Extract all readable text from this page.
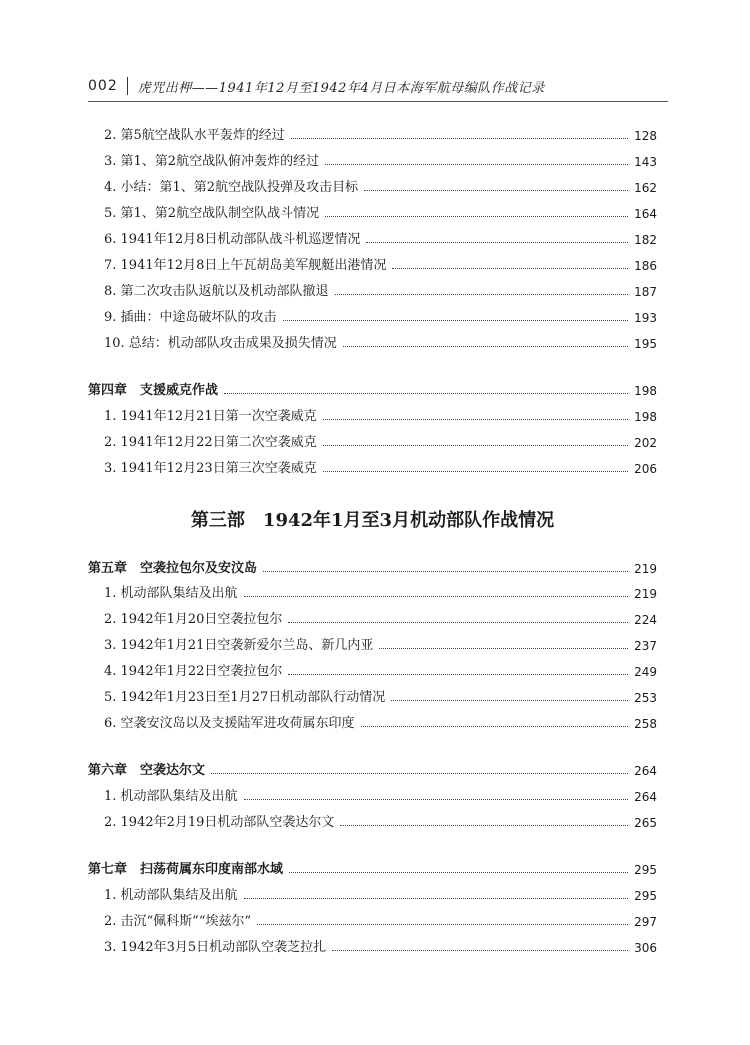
002 虎咒出柙——1941年12月至1942年4月日本海军航母编队作战记录
2. 第5航空战队水平轰炸的经过	128
3. 第1、第2航空战队俯冲轰炸的经过	143
4. 小结：第1、第2航空战队投弹及攻击目标	162
5. 第1、第2航空战队制空队战斗情况	164
6. 1941年12月8日机动部队战斗机巡逻情况	182
7. 1941年12月8日上午瓦胡岛美军舰艇出港情况	186
8. 第二次攻击队返航以及机动部队撤退	187
9. 插曲：中途岛破坏队的攻击	193
10. 总结：机动部队攻击成果及损失情况	195
第四章　支援威克作战	198
1. 1941年12月21日第一次空袭威克	198
2. 1941年12月22日第二次空袭威克	202
3. 1941年12月23日第三次空袭威克	206
第三部　1942年1月至3月机动部队作战情况
第五章　空袭拉包尔及安汶岛	219
1. 机动部队集结及出航	219
2. 1942年1月20日空袭拉包尔	224
3. 1942年1月21日空袭新爱尔兰岛、新几内亚	237
4. 1942年1月22日空袭拉包尔	249
5. 1942年1月23日至1月27日机动部队行动情况	253
6. 空袭安汶岛以及支援陆军进攻荷属东印度	258
第六章　空袭达尔文	264
1. 机动部队集结及出航	264
2. 1942年2月19日机动部队空袭达尔文	265
第七章　扫荡荷属东印度南部水域	295
1. 机动部队集结及出航	295
2. 击沉“佩科斯”“埃兹尔”	297
3. 1942年3月5日机动部队空袭芝拉扎	306
